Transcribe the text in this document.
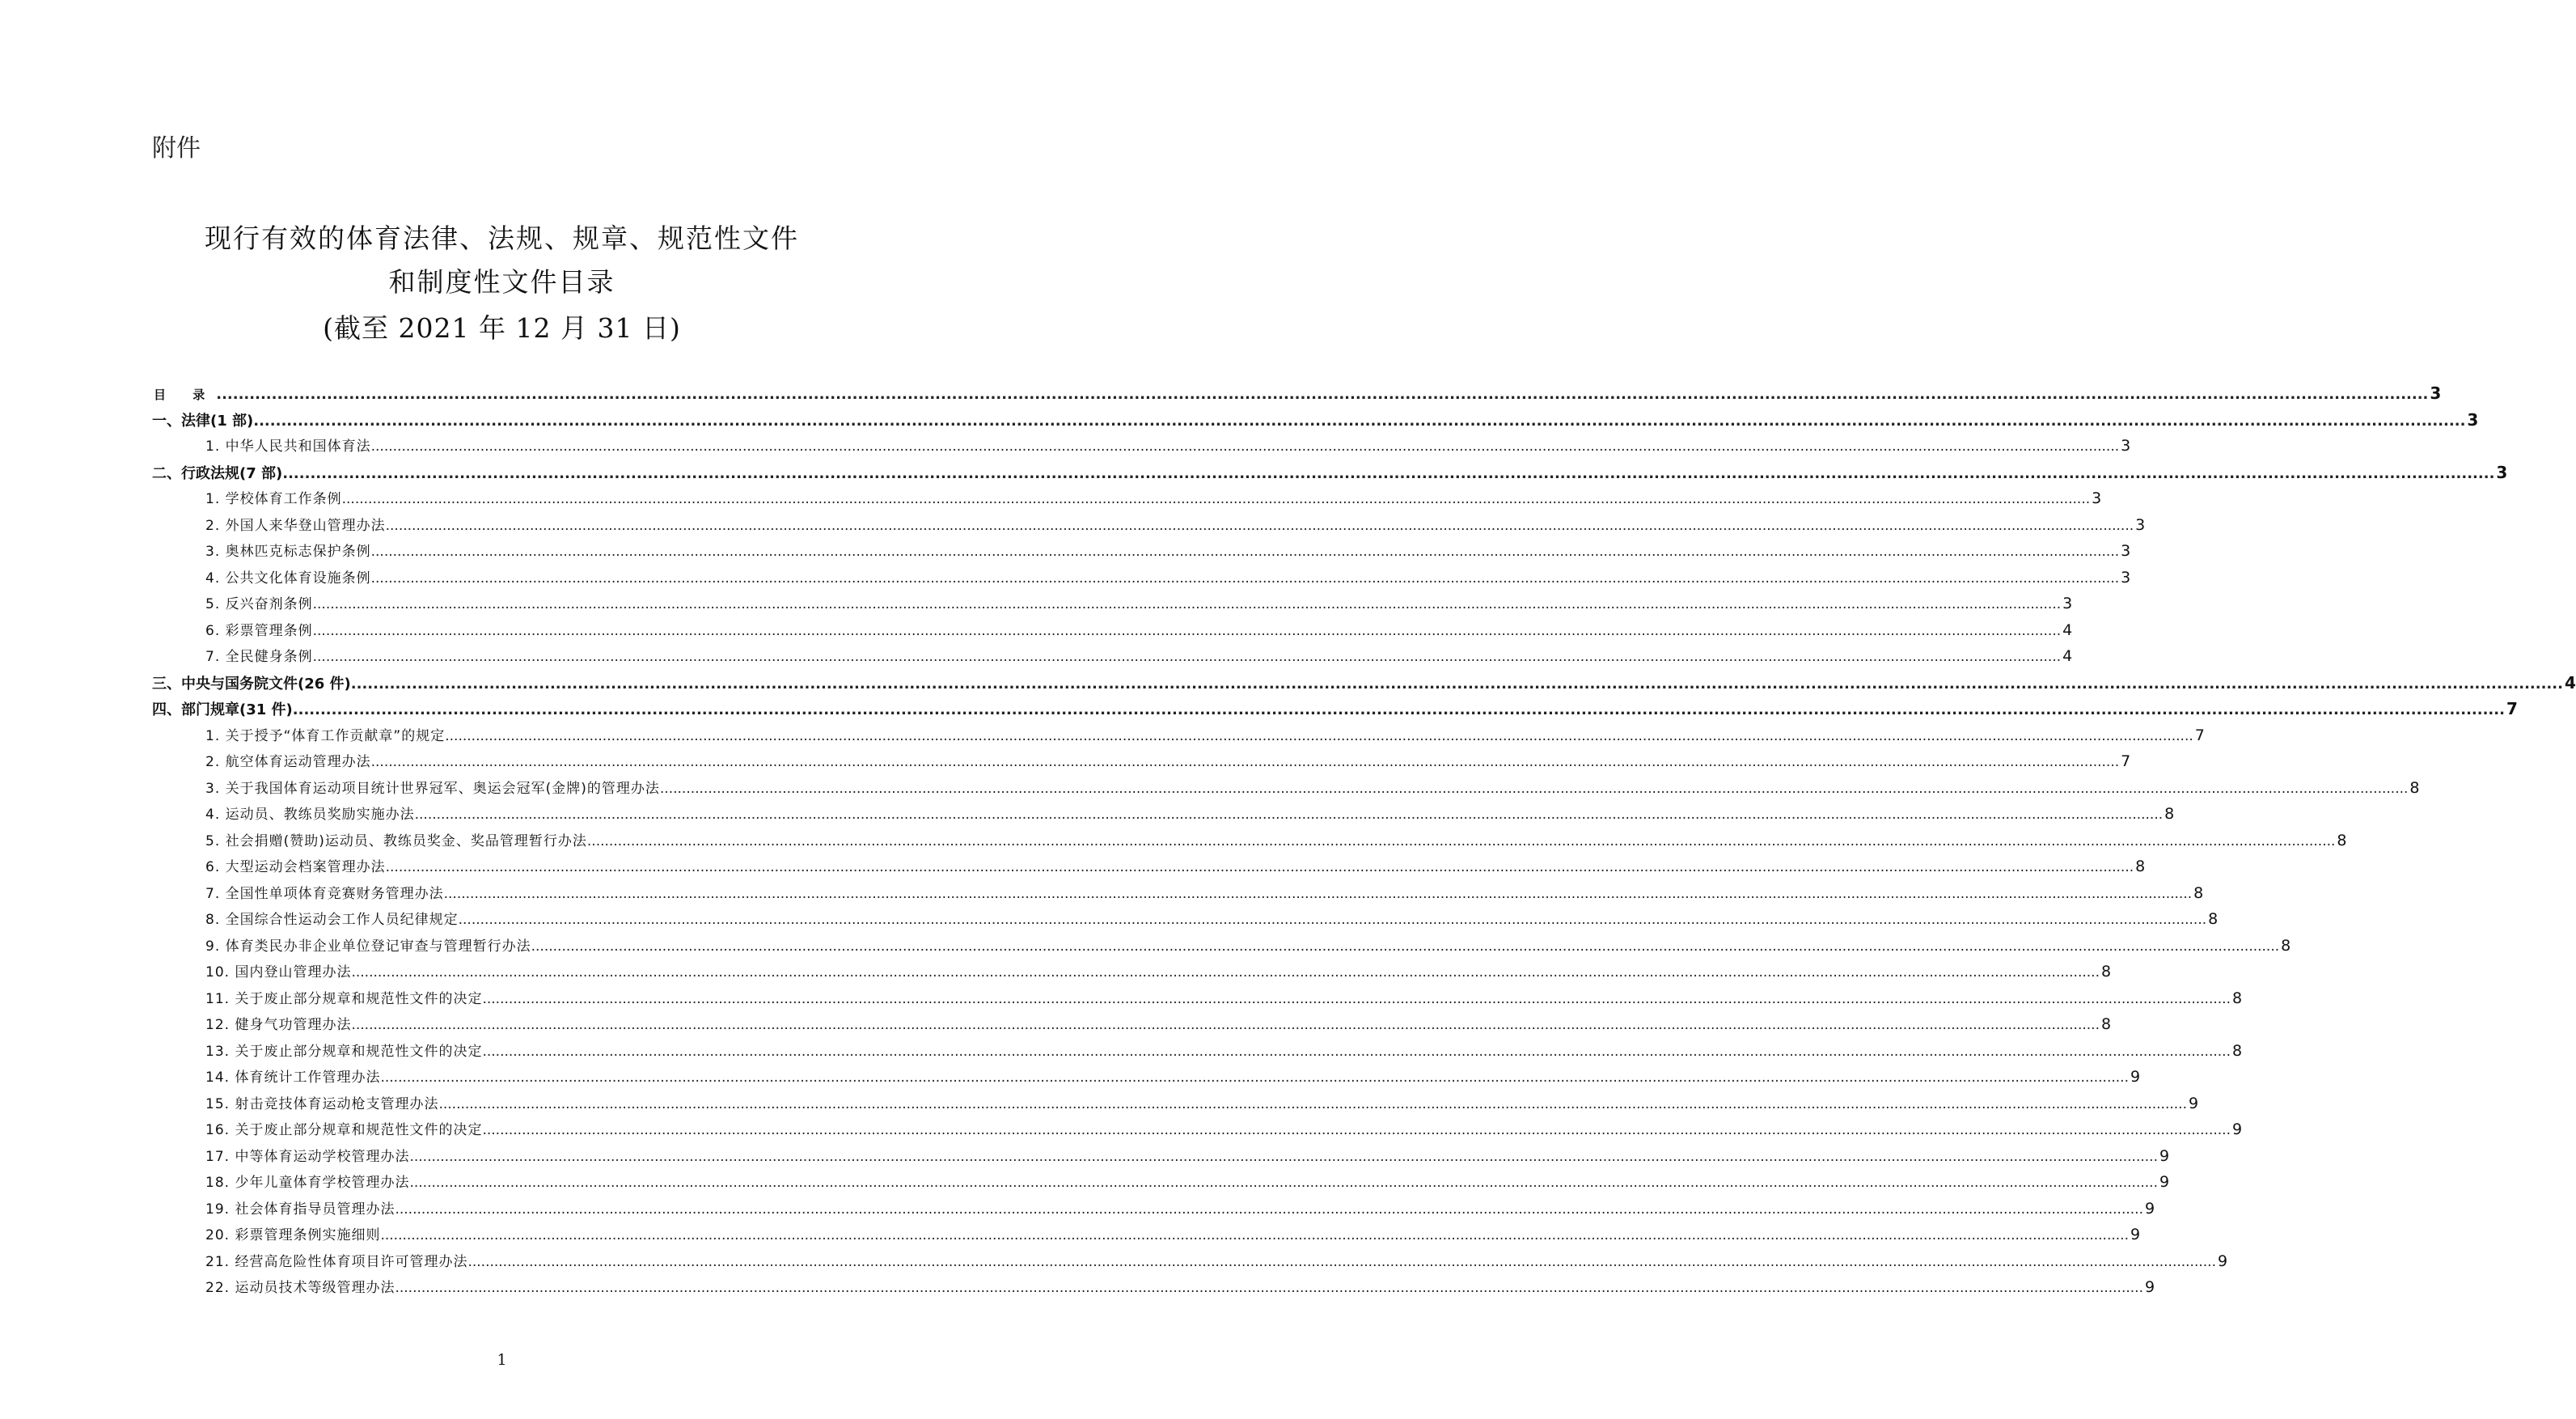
附件
现行有效的体育法律、法规、规章、规范性文件
和制度性文件目录
(截至 2021 年 12 月 31 日)
目 录 ................................................................................................................................................................................................................................................................................................................................................................................................................ 3
一、法律(1 部) ................................................................................................................................................................................................................................................................................................................................................................................................................ 3
1. 中华人民共和国体育法 ................................................................................................................................................................................................................................................................................................................................................................................................................ 3
二、行政法规(7 部) ................................................................................................................................................................................................................................................................................................................................................................................................................ 3
1. 学校体育工作条例 ................................................................................................................................................................................................................................................................................................................................................................................................................ 3
2. 外国人来华登山管理办法 ................................................................................................................................................................................................................................................................................................................................................................................................................ 3
3. 奥林匹克标志保护条例 ................................................................................................................................................................................................................................................................................................................................................................................................................ 3
4. 公共文化体育设施条例 ................................................................................................................................................................................................................................................................................................................................................................................................................ 3
5. 反兴奋剂条例 ................................................................................................................................................................................................................................................................................................................................................................................................................ 3
6. 彩票管理条例 ................................................................................................................................................................................................................................................................................................................................................................................................................ 4
7. 全民健身条例 ................................................................................................................................................................................................................................................................................................................................................................................................................ 4
三、中央与国务院文件(26 件) ................................................................................................................................................................................................................................................................................................................................................................................................................ 4
四、部门规章(31 件) ................................................................................................................................................................................................................................................................................................................................................................................................................ 7
1. 关于授予“体育工作贡献章”的规定 ................................................................................................................................................................................................................................................................................................................................................................................................................ 7
2. 航空体育运动管理办法 ................................................................................................................................................................................................................................................................................................................................................................................................................ 7
3. 关于我国体育运动项目统计世界冠军、奥运会冠军(金牌)的管理办法 ................................................................................................................................................................................................................................................................................................................................................................................................................ 8
4. 运动员、教练员奖励实施办法 ................................................................................................................................................................................................................................................................................................................................................................................................................ 8
5. 社会捐赠(赞助)运动员、教练员奖金、奖品管理暂行办法 ................................................................................................................................................................................................................................................................................................................................................................................................................ 8
6. 大型运动会档案管理办法 ................................................................................................................................................................................................................................................................................................................................................................................................................ 8
7. 全国性单项体育竞赛财务管理办法 ................................................................................................................................................................................................................................................................................................................................................................................................................ 8
8. 全国综合性运动会工作人员纪律规定 ................................................................................................................................................................................................................................................................................................................................................................................................................ 8
9. 体育类民办非企业单位登记审查与管理暂行办法 ................................................................................................................................................................................................................................................................................................................................................................................................................ 8
10. 国内登山管理办法 ................................................................................................................................................................................................................................................................................................................................................................................................................ 8
11. 关于废止部分规章和规范性文件的决定 ................................................................................................................................................................................................................................................................................................................................................................................................................ 8
12. 健身气功管理办法 ................................................................................................................................................................................................................................................................................................................................................................................................................ 8
13. 关于废止部分规章和规范性文件的决定 ................................................................................................................................................................................................................................................................................................................................................................................................................ 8
14. 体育统计工作管理办法 ................................................................................................................................................................................................................................................................................................................................................................................................................ 9
15. 射击竞技体育运动枪支管理办法 ................................................................................................................................................................................................................................................................................................................................................................................................................ 9
16. 关于废止部分规章和规范性文件的决定 ................................................................................................................................................................................................................................................................................................................................................................................................................ 9
17. 中等体育运动学校管理办法 ................................................................................................................................................................................................................................................................................................................................................................................................................ 9
18. 少年儿童体育学校管理办法 ................................................................................................................................................................................................................................................................................................................................................................................................................ 9
19. 社会体育指导员管理办法 ................................................................................................................................................................................................................................................................................................................................................................................................................ 9
20. 彩票管理条例实施细则 ................................................................................................................................................................................................................................................................................................................................................................................................................ 9
21. 经营高危险性体育项目许可管理办法 ................................................................................................................................................................................................................................................................................................................................................................................................................ 9
22. 运动员技术等级管理办法 ................................................................................................................................................................................................................................................................................................................................................................................................................ 9
1
